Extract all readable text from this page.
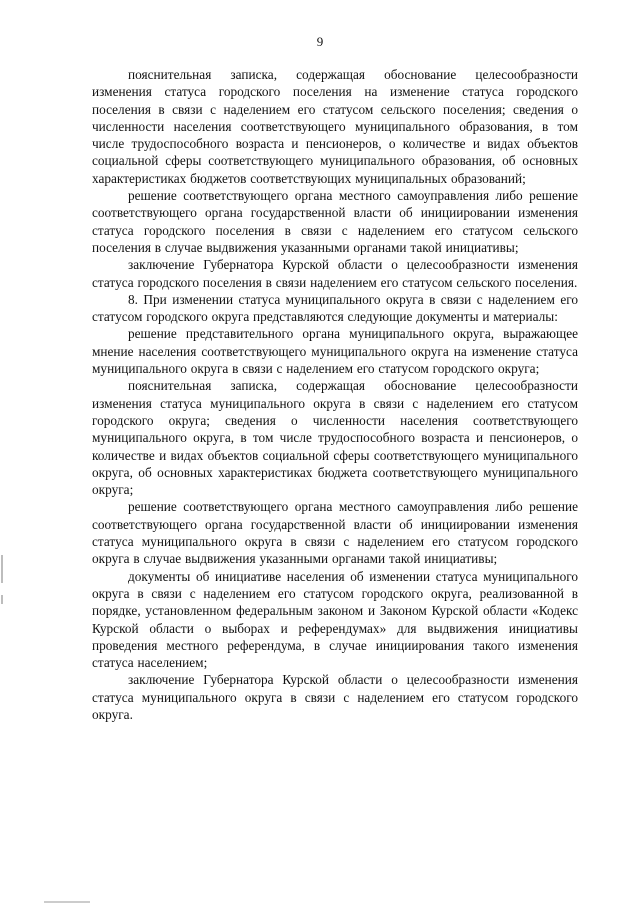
9

пояснительная записка, содержащая обоснование целесообразности изменения статуса городского поселения на изменение статуса городского поселения в связи с наделением его статусом сельского поселения; сведения о численности населения соответствующего муниципального образования, в том числе трудоспособного возраста и пенсионеров, о количестве и видах объектов социальной сферы соответствующего муниципального образования, об основных характеристиках бюджетов соответствующих муниципальных образований;

решение соответствующего органа местного самоуправления либо решение соответствующего органа государственной власти об инициировании изменения статуса городского поселения в связи с наделением его статусом сельского поселения в случае выдвижения указанными органами такой инициативы;

заключение Губернатора Курской области о целесообразности изменения статуса городского поселения в связи наделением его статусом сельского поселения.

8. При изменении статуса муниципального округа в связи с наделением его статусом городского округа представляются следующие документы и материалы:

решение представительного органа муниципального округа, выражающее мнение населения соответствующего муниципального округа на изменение статуса муниципального округа в связи с наделением его статусом городского округа;

пояснительная записка, содержащая обоснование целесообразности изменения статуса муниципального округа в связи с наделением его статусом городского округа; сведения о численности населения соответствующего муниципального округа, в том числе трудоспособного возраста и пенсионеров, о количестве и видах объектов социальной сферы соответствующего муниципального округа, об основных характеристиках бюджета соответствующего муниципального округа;

решение соответствующего органа местного самоуправления либо решение соответствующего органа государственной власти об инициировании изменения статуса муниципального округа в связи с наделением его статусом городского округа в случае выдвижения указанными органами такой инициативы;

документы об инициативе населения об изменении статуса муниципального округа в связи с наделением его статусом городского округа, реализованной в порядке, установленном федеральным законом и Законом Курской области «Кодекс Курской области о выборах и референдумах» для выдвижения инициативы проведения местного референдума, в случае инициирования такого изменения статуса населением;

заключение Губернатора Курской области о целесообразности изменения статуса муниципального округа в связи с наделением его статусом городского округа.
